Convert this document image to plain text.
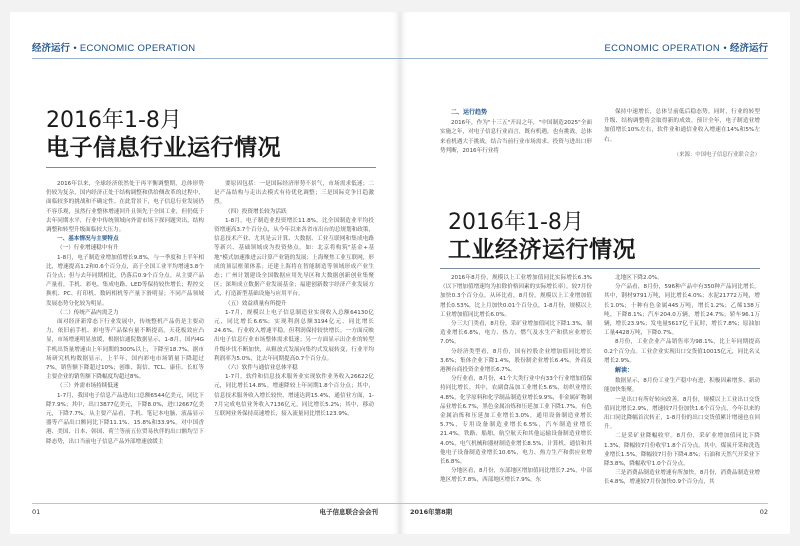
经济运行 • ECONOMIC OPERATION
2016年1-8月
电子信息行业运行情况

2016年以来，全球经济依然处于再平衡调整期，总体形势仍较为复杂，国内经济正处于结构调整和供给侧改革的过程中，面临较多的挑战和不确定性。在此背景下，电子信息行业发展仍不容乐观，虽然行业整体增速回升且领先于全国工业，但仍低于去年同期水平，行业中传统领域向外需市场下探问题突出，结构调整和转型升级面临较大压力。

一、基本情况与主要特点

（一）行业增速稳中有升

1-8月，电子制造业增加值增长9.8%，与一季度和上半年相比，增速提高1.2和0.6个百分点，高于全国工业平均增速3.8个百分点；但与去年同期相比，仍落后0.9个百分点。从主要产品产量看，手机、彩电、集成电路、LED等保持较快增长；程控交换机、PC、打印机、数码相机等产量下滑明显；不同产品领域发展态势分化较为明显。

（二）传统产品内需乏力

面对经济新常态下行业发展中，传统整机产品仍是主要动力，依旧前手机、彩电等产品保有量不断提高，天花板效应凸显，市场增速明显放缓，根据信通院数据显示，1-8月，国内4G手机出货量增速由上年同期的300%以上，下降至18.7%。据市场研究机构数据显示，上半年，国内彩电市场销量下降超过7%，销售额下降超过10%；创维、海信、TCL、康佳、长虹等主要企业的销售额下降幅度均超过8%。

（三）外需市场持续低迷

1-7月，我国电子信息产品进出口总额6544亿美元，同比下降7.9%；其中，出口3877亿美元，下降8.0%，进口2667亿美元，下降7.7%。从主要产品看，手机、笔记本电脑、液晶显示器等产品出口额同比下降11.1%、15.8%和33.9%。对中国香港、美国、日本、韩国、荷兰等前五位贸易伙伴的出口额均呈下降态势，出口当前电子信息产品外部增速放缓主

要原因包括：一是国际经济形势不景气，市场需求低迷；二是产品结构与走出去模式有待优化调整；三是国际竞争日趋激烈。

（四）投资增长较为活跃

1-8月，电子制造业投资增长11.8%，比全国制造业平均投资增速高3.7个百分点，从今年以来各省市出台的总规划和政策，信息技术产业、尤其是云计算、大数据、工业互联网和集成电路等新兴、基础领域成为投资热点。如：北京将构筑"基金+基地"模式加速推进云计算产业链的发展；上海聚焦工业互联网，形成的顶层框架体系；还建上海将在智能制造等领域形成产业生态；广州计划建设全国数据应用先导区和大数据创新创业集聚区；深圳成立数据产业发展基金；福建创新数字经济产业发展方式，打造新型基础设施与应用平台。

（五）效益质量有所提升

1-7月，规模以上电子信息制造业实现收入总额64130亿元，同比增长6.6%；实现利润总额3194亿元，同比增长24.6%。行业收入增速平稳，但利润保持较快增长。一方面反映出电子信息行业市场整体需求低迷；另一方面显示出企业的转型升级步伐不断加快，从粗放式发展向集约式发展转变，行业平均利润率为5.0%，比去年同期提高0.7个百分点。

（六）软件与通信业总体平稳

1-7月，软件和信息技术服务业实现软件业务收入26622亿元，同比增长14.8%。增速降较上年同期1.8个百分点；其中，信息技术服务收入增长较快，增速达到15.4%，通信业方面，1-7月完成电信业务收入7136亿元，同比增长5.2%；其中，移动互联网业务保持高速增长，接入流量同比增长123.9%。

01	电子信息联合会会刊
ECONOMIC OPERATION • 经济运行

二、运行趋势

2016年，作为"十三五"开局之年，"中国制造2025"全面实施之年，对电子信息行业而言，既有机遇，也有挑战，总体来看机遇大于挑战，结合当前行业市场需求、投资与进出口形势判断，2016年行业将

保持中速增长，总体呈前低后稳态势。同时，行业的转型升级、结构调整将会取得新的成效。预计全年，电子制造业增加值增长10%左右，软件业和通信业收入增速在14%和5%左右。

（来源：中国电子信息行业联合会）

2016年1-8月
工业经济运行情况

2016年8月份，规模以上工业增加值同比实际增长6.3%（以下增加值增速均为扣除价格因素的实际增长率），较7月份加快0.3个百分点。从环比看，8月份，规模以上工业增加值增长0.53%，比上月加快0.01个百分点。1-8月份，规模以上工业增加值同比增长6.0%。

分三大门类看，8月份，采矿业增加值同比下降1.3%，制造业增长6.8%，电力、热力、燃气及水生产和供应业增长7.0%。

分经济类型看，8月份，国有控股企业增加值同比增长3.6%；集体企业下降1.4%，股份制企业增长6.4%，外商及港澳台商投资企业增长6.7%。

分行业看，8月份，41个大类行业中有33个行业增加值保持同比增长。其中，农副食品加工业增长5.6%，纺织业增长4.8%，化学原料和化学制品制造业增长9.9%，非金属矿物制品业增长6.7%，黑色金属冶炼和压延加工业下降1.7%，有色金属冶炼和压延加工业增长3.0%，通用设备制造业增长5.7%，专用设备制造业增长6.5%，汽车制造业增长21.4%，铁路、船舶、航空航天和其他运输设备制造业增长4.0%，电气机械和器材制造业增长8.5%，计算机、通信和其他电子设备制造业增长10.6%，电力、热力生产和供应业增长6.8%。

分地区看，8月份，东部地区增加值同比增长7.2%，中部地区增长7.8%，西部地区增长7.9%，东

北地区下降2.0%。

分产品看，8月份，596种产品中有350种产品同比增长。其中，钢材9791万吨，同比增长4.0%；水泥21772万吨，增长1.0%；十种有色金属445万吨，增长1.2%；乙烯138万吨，下降8.1%；汽车204.0万辆，增长24.7%；轿车96.1万辆，增长23.9%；发电量5617亿千瓦时，增长7.8%；原油加工量4428万吨，下降0.7%。

8月份，工业企业产品销售率为98.1%，比上年同期提高0.2个百分点。工业企业实现出口交货值10015亿元，同比名义增长2.9%。

解读：

数据显示，8月份工业生产稳中有进，积极因素增多，新动能加快集聚。

一是出口有所好转向改善。8月份，规模以上工业出口交货值同比增长2.9%，增速较7月份加快1.6个百分点，今年以来的出口同比降幅首次转正，1-8月份的出口交货值累计增速也在回升。

二是采矿业降幅收窄。8月份，采矿业增加值同比下降1.3%，降幅较7月份收窄1.8个百分点。其中，煤炭开采和洗选业增长1.5%，降幅较7月份下降4.8%；石油和天然气开采业下降3.8%，降幅收窄1.0个百分点。

三是消费品制造业增速有所加快。8月份，消费品制造业增长4.8%，增速较7月份加快0.9个百分点，其

2016年第8期	02
